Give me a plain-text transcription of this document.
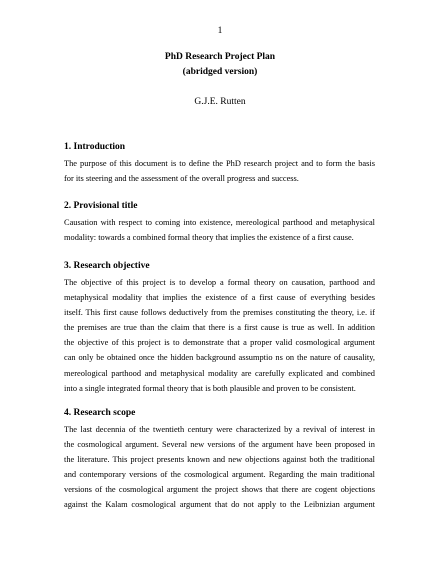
1
PhD Research Project Plan
(abridged version)
G.J.E. Rutten
1. Introduction
The purpose of this document is to define the PhD research project and to form the basis
for its steering and the assessment of the overall progress and success.
2. Provisional title
Causation with respect to coming into existence, mereological parthood and metaphysical
modality: towards a combined formal theory that implies the existence of a first cause.
3. Research objective
The objective of this project is to develop a formal theory on causation, parthood and
metaphysical modality that implies the existence of a first cause of everything besides
itself. This first cause follows deductively from the premises constituting the theory, i.e. if
the premises are true than the claim that there is a first cause is true as well. In addition
the objective of this project is to demonstrate that a proper valid cosmological argument
can only be obtained once the hidden background assumptio ns on the nature of causality,
mereological parthood and metaphysical modality are carefully explicated and combined
into a single integrated formal theory that is both plausible and proven to be consistent.
4. Research scope
The last decennia of the twentieth century were characterized by a revival of interest in
the cosmological argument. Several new versions of the argument have been proposed in
the literature. This project presents known and new objections against both the traditional
and contemporary versions of the cosmological argument. Regarding the main traditional
versions of the cosmological argument the project shows that there are cogent objections
against the Kalam cosmological argument that do not apply to the Leibnizian argument
